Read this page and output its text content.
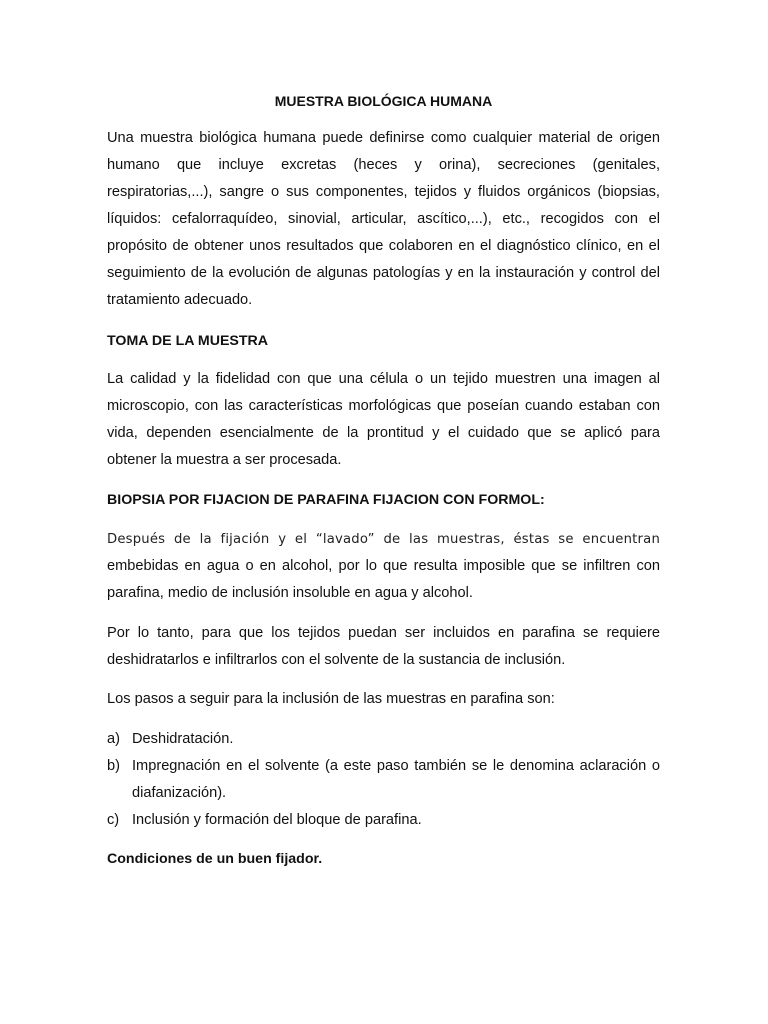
MUESTRA BIOLÓGICA HUMANA

Una muestra biológica humana puede definirse como cualquier material de origen humano que incluye excretas (heces y orina), secreciones (genitales, respiratorias,...), sangre o sus componentes, tejidos y fluidos orgánicos (biopsias, líquidos: cefalorraquídeo, sinovial, articular, ascítico,...), etc., recogidos con el propósito de obtener unos resultados que colaboren en el diagnóstico clínico, en el seguimiento de la evolución de algunas patologías y en la instauración y control del tratamiento adecuado.

TOMA DE LA MUESTRA

La calidad y la fidelidad con que una célula o un tejido muestren una imagen al microscopio, con las características morfológicas que poseían cuando estaban con vida, dependen esencialmente de la prontitud y el cuidado que se aplicó para obtener la muestra a ser procesada.

BIOPSIA POR FIJACION DE PARAFINA FIJACION CON FORMOL:

Después de la fijación y el “lavado” de las muestras, éstas se encuentran embebidas en agua o en alcohol, por lo que resulta imposible que se infiltren con parafina, medio de inclusión insoluble en agua y alcohol.

Por lo tanto, para que los tejidos puedan ser incluidos en parafina se requiere deshidratarlos e infiltrarlos con el solvente de la sustancia de inclusión.

Los pasos a seguir para la inclusión de las muestras en parafina son:

a) Deshidratación.
b) Impregnación en el solvente (a este paso también se le denomina aclaración o diafanización).
c) Inclusión y formación del bloque de parafina.
Condiciones de un buen fijador.
